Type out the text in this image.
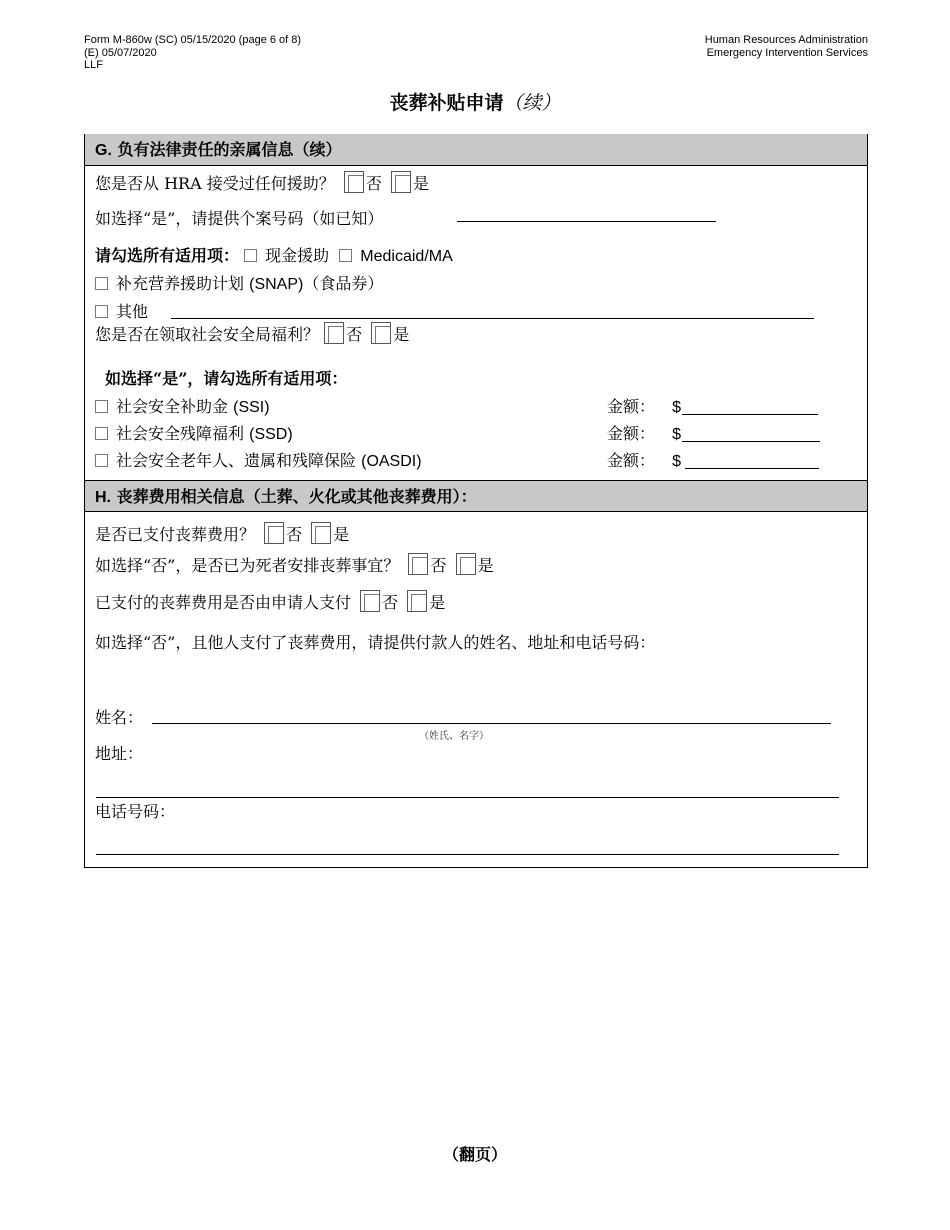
Form M-860w (SC) 05/15/2020 (page 6 of 8)
(E) 05/07/2020
LLF
Human Resources Administration
Emergency Intervention Services
丧葬补贴申请（续）
G. 负有法律责任的亲属信息（续）
您是否从 HRA 接受过任何援助？ 否 是
如选择“是”，请提供个案号码（如已知）
请勾选所有适用项： 现金援助 Medicaid/MA
补充营养援助计划 (SNAP)（食品券）
其他
您是否在领取社会安全局福利？ 否 是
如选择“是”，请勾选所有适用项：
社会安全补助金 (SSI)	金额： $
社会安全残障福利 (SSD)	金额： $
社会安全老年人、遗属和残障保险 (OASDI)	金额： $
H. 丧葬费用相关信息（土葬、火化或其他丧葬费用）：
是否已支付丧葬费用？ 否 是
如选择“否”，是否已为死者安排丧葬事宜？ 否 是
已支付的丧葬费用是否由申请人支付 否 是
如选择“否”，且他人支付了丧葬费用，请提供付款人的姓名、地址和电话号码：
姓名：
（姓氏、名字）
地址：
电话号码：
（翻页）
